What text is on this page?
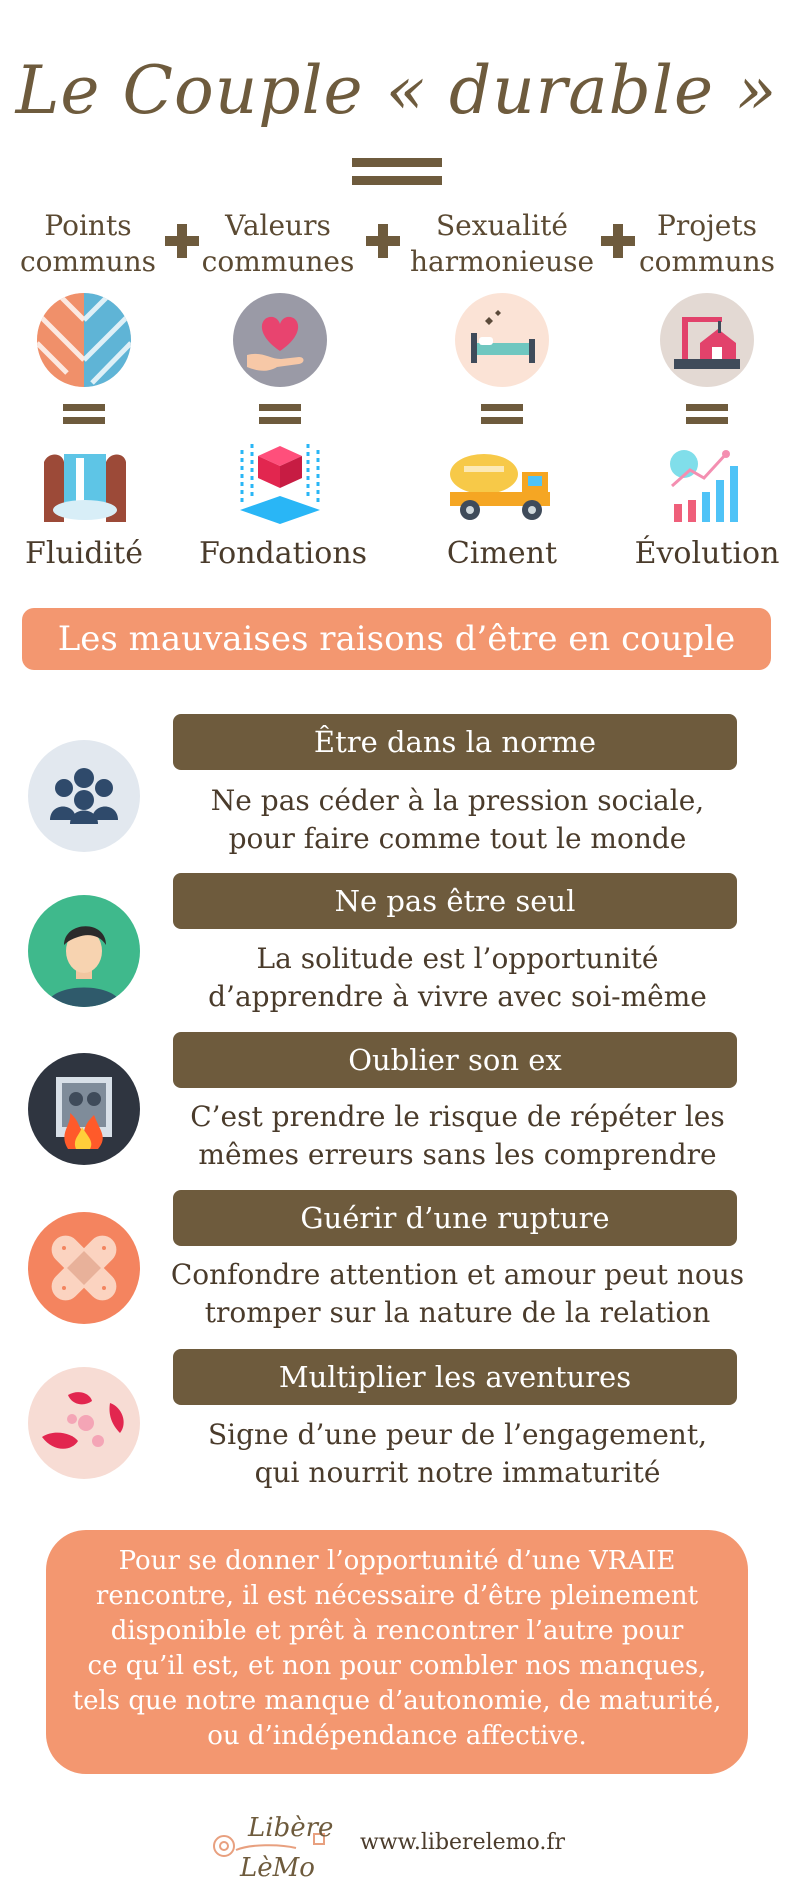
Le Couple « durable »
Points
communs
Valeurs
communes
Sexualité
harmonieuse
Projets
communs
Fluidité	Fondations	Ciment	Évolution
Les mauvaises raisons d’être en couple
Être dans la norme
Ne pas céder à la pression sociale,
pour faire comme tout le monde
Ne pas être seul
La solitude est l’opportunité
d’apprendre à vivre avec soi-même
Oublier son ex
C’est prendre le risque de répéter les
mêmes erreurs sans les comprendre
Guérir d’une rupture
Confondre attention et amour peut nous
tromper sur la nature de la relation
Multiplier les aventures
Signe d’une peur de l’engagement,
qui nourrit notre immaturité
Pour se donner l’opportunité d’une VRAIE
rencontre, il est nécessaire d’être pleinement
disponible et prêt à rencontrer l’autre pour
ce qu’il est, et non pour combler nos manques,
tels que notre manque d’autonomie, de maturité,
ou d’indépendance affective.
Libère
LèMo
www.liberelemo.fr
